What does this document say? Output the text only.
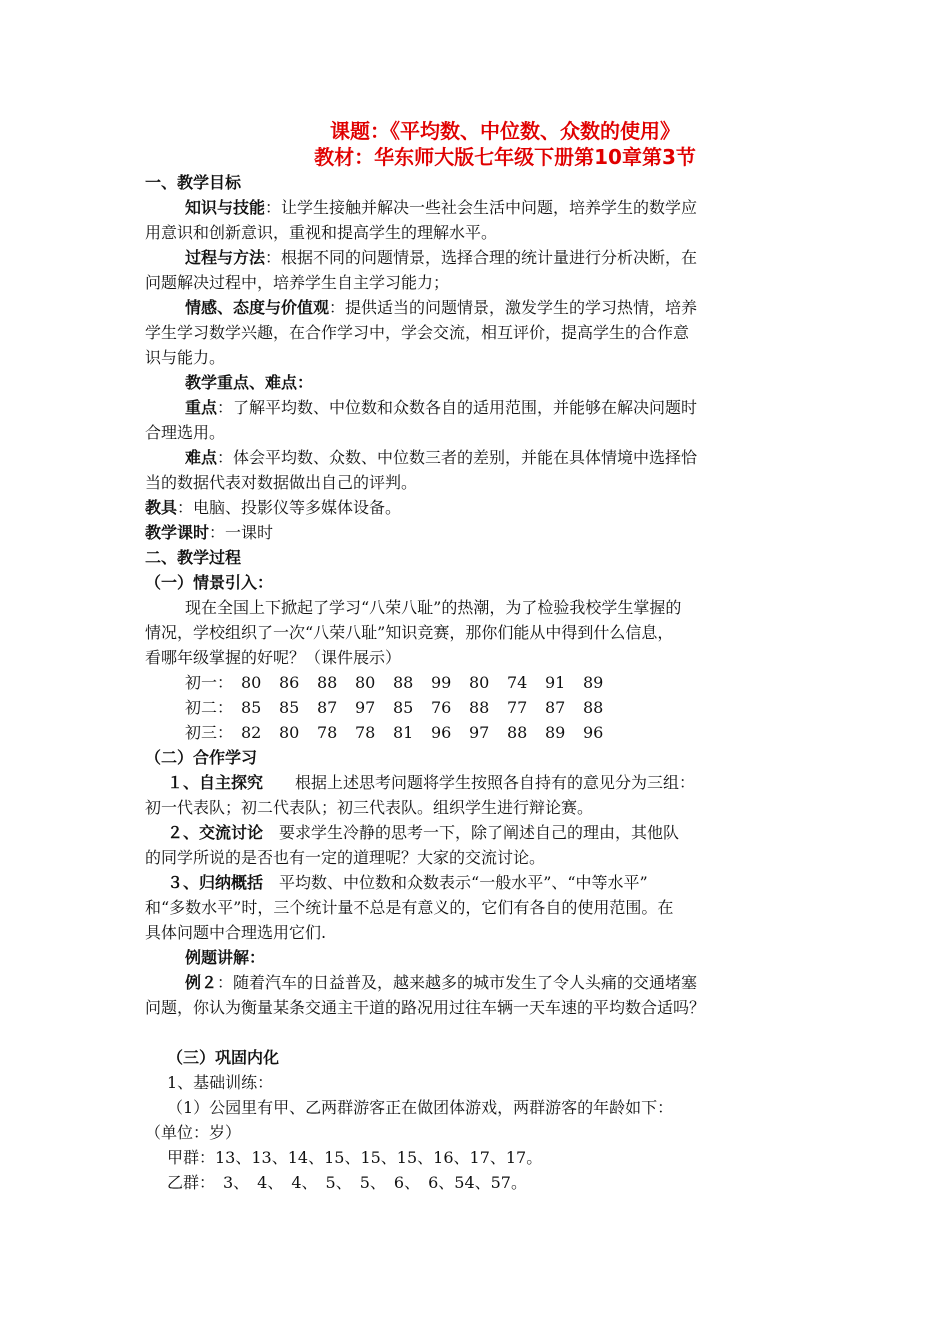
课题：《平均数、中位数、众数的使用》
教材：华东师大版七年级下册第10章第3节
一、教学目标
知识与技能：让学生接触并解决一些社会生活中问题，培养学生的数学应
用意识和创新意识，重视和提高学生的理解水平。
过程与方法：根据不同的问题情景，选择合理的统计量进行分析决断，在
问题解决过程中，培养学生自主学习能力；
情感、态度与价值观：提供适当的问题情景，激发学生的学习热情，培养
学生学习数学兴趣，在合作学习中，学会交流，相互评价，提高学生的合作意
识与能力。
教学重点、难点：
重点：了解平均数、中位数和众数各自的适用范围，并能够在解决问题时
合理选用。
难点：体会平均数、众数、中位数三者的差别，并能在具体情境中选择恰
当的数据代表对数据做出自己的评判。
教具：电脑、投影仪等多媒体设备。
教学课时：一课时
二、教学过程
（一）情景引入：
现在全国上下掀起了学习“八荣八耻”的热潮，为了检验我校学生掌握的
情况，学校组织了一次“八荣八耻”知识竞赛，那你们能从中得到什么信息，
看哪年级掌握的好呢？（课件展示）
初一： 80	86	88	80	88	99	80	74	91	89
初二： 85	85	87	97	85	76	88	77	87	88
初三： 82	80	78	78	81	96	97	88	89	96
（二）合作学习
１、自主探究　　根据上述思考问题将学生按照各自持有的意见分为三组：
初一代表队；初二代表队；初三代表队。组织学生进行辩论赛。
２、交流讨论　要求学生冷静的思考一下，除了阐述自己的理由，其他队
的同学所说的是否也有一定的道理呢？大家的交流讨论。
３、归纳概括　平均数、中位数和众数表示“一般水平”、“中等水平”
和“多数水平”时，三个统计量不总是有意义的，它们有各自的使用范围。在
具体问题中合理选用它们.
例题讲解：
例２：随着汽车的日益普及，越来越多的城市发生了令人头痛的交通堵塞
问题，你认为衡量某条交通主干道的路况用过往车辆一天车速的平均数合适吗？
（三）巩固内化
1、基础训练：
（1）公园里有甲、乙两群游客正在做团体游戏，两群游客的年龄如下：
（单位：岁）
甲群：13、13、14、15、15、15、16、17、17。
乙群：　3、　4、　4、　5、　5、　6、　6、54、57。
